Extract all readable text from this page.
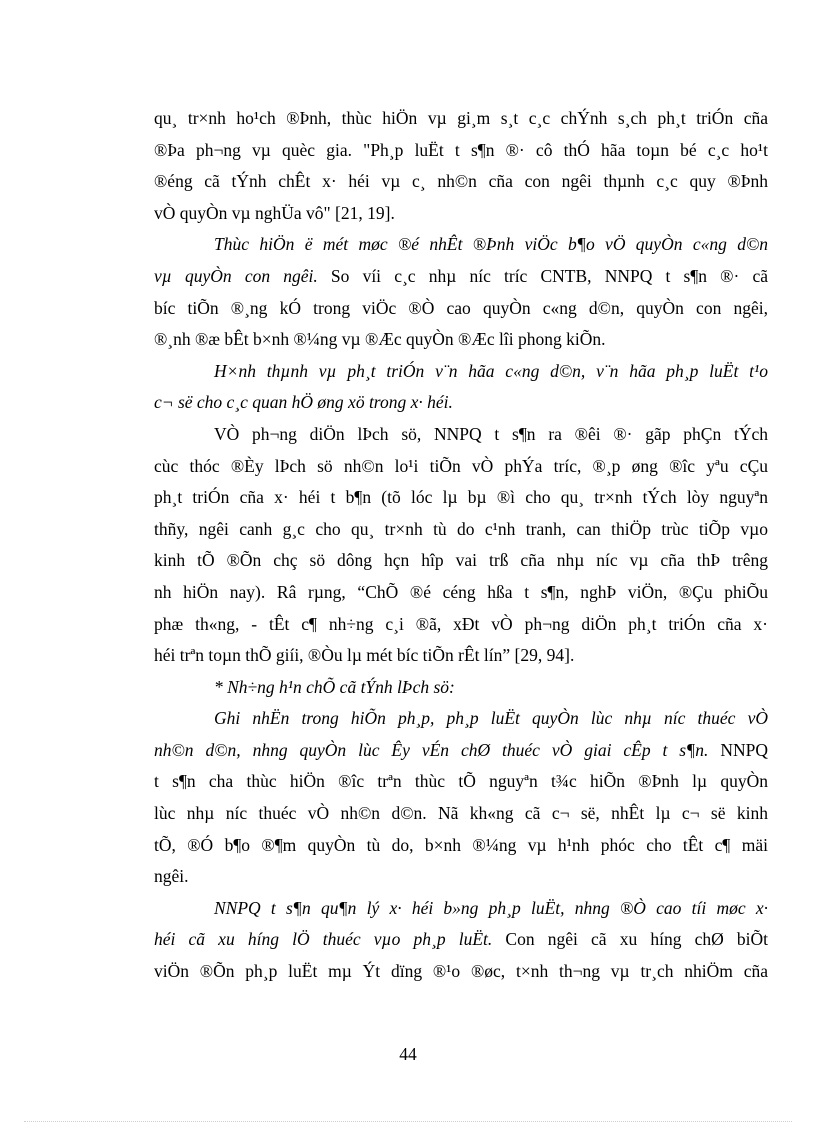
qu¸ tr×nh ho¹ch ®Þnh, thùc hiÖn vµ gi¸m s¸t c¸c chÝnh s¸ch ph¸t triÓn cña
®Þa ph¬ng vµ quèc gia. "Ph¸p luËt t s¶n ®· cô thÓ hãa toµn bé c¸c ho¹t
®éng cã tÝnh chÊt x· héi vµ c¸ nh©n cña con ngêi thµnh c¸c quy ®Þnh
vÒ quyÒn vµ nghÜa vô" [21, 19].
Thùc hiÖn ë mét møc ®é nhÊt ®Þnh viÖc b¶o vÖ quyÒn c«ng d©n
vµ quyÒn con ngêi. So víi c¸c nhµ níc tríc CNTB, NNPQ t s¶n ®· cã
bíc tiÕn ®¸ng kÓ trong viÖc ®Ò cao quyÒn c«ng d©n, quyÒn con ngêi,
®¸nh ®æ bÊt b×nh ®¼ng vµ ®Æc quyÒn ®Æc lîi phong kiÕn.
H×nh thµnh vµ ph¸t triÓn v¨n hãa c«ng d©n, v¨n hãa ph¸p luËt t¹o
c¬ së cho c¸c quan hÖ øng xö trong x· héi.
VÒ ph¬ng diÖn lÞch sö, NNPQ t s¶n ra ®êi ®· gãp phÇn tÝch
cùc thóc ®Èy lÞch sö nh©n lo¹i tiÕn vÒ phÝa tríc, ®¸p øng ®îc yªu cÇu
ph¸t triÓn cña x· héi t b¶n (tõ lóc lµ bµ ®ì cho qu¸ tr×nh tÝch lòy nguyªn
thñy, ngêi canh g¸c cho qu¸ tr×nh tù do c¹nh tranh, can thiÖp trùc tiÕp vµo
kinh tÕ ®Õn chç sö dông hçn hîp vai trß cña nhµ níc vµ cña thÞ trêng
nh hiÖn nay). Râ rµng, “ChÕ ®é céng hßa t s¶n, nghÞ viÖn, ®Çu phiÕu
phæ th«ng, - tÊt c¶ nh÷ng c¸i ®ã, xÐt vÒ ph¬ng diÖn ph¸t triÓn cña x·
héi trªn toµn thÕ giíi, ®Òu lµ mét bíc tiÕn rÊt lín” [29, 94].
* Nh÷ng h¹n chÕ cã tÝnh lÞch sö:
Ghi nhËn trong hiÕn ph¸p, ph¸p luËt quyÒn lùc nhµ níc thuéc vÒ
nh©n d©n, nhng quyÒn lùc Êy vÉn chØ thuéc vÒ giai cÊp t s¶n. NNPQ
t s¶n cha thùc hiÖn ®îc trªn thùc tÕ nguyªn t¾c hiÕn ®Þnh lµ quyÒn
lùc nhµ níc thuéc vÒ nh©n d©n. Nã kh«ng cã c¬ së, nhÊt lµ c¬ së kinh
tÕ, ®Ó b¶o ®¶m quyÒn tù do, b×nh ®¼ng vµ h¹nh phóc cho tÊt c¶ mäi
ngêi.
NNPQ t s¶n qu¶n lý x· héi b»ng ph¸p luËt, nhng ®Ò cao tíi møc x·
héi cã xu híng lÖ thuéc vµo ph¸p luËt. Con ngêi cã xu híng chØ biÕt
viÖn ®Õn ph¸p luËt mµ Ýt dïng ®¹o ®øc, t×nh th¬ng vµ tr¸ch nhiÖm cña
44
